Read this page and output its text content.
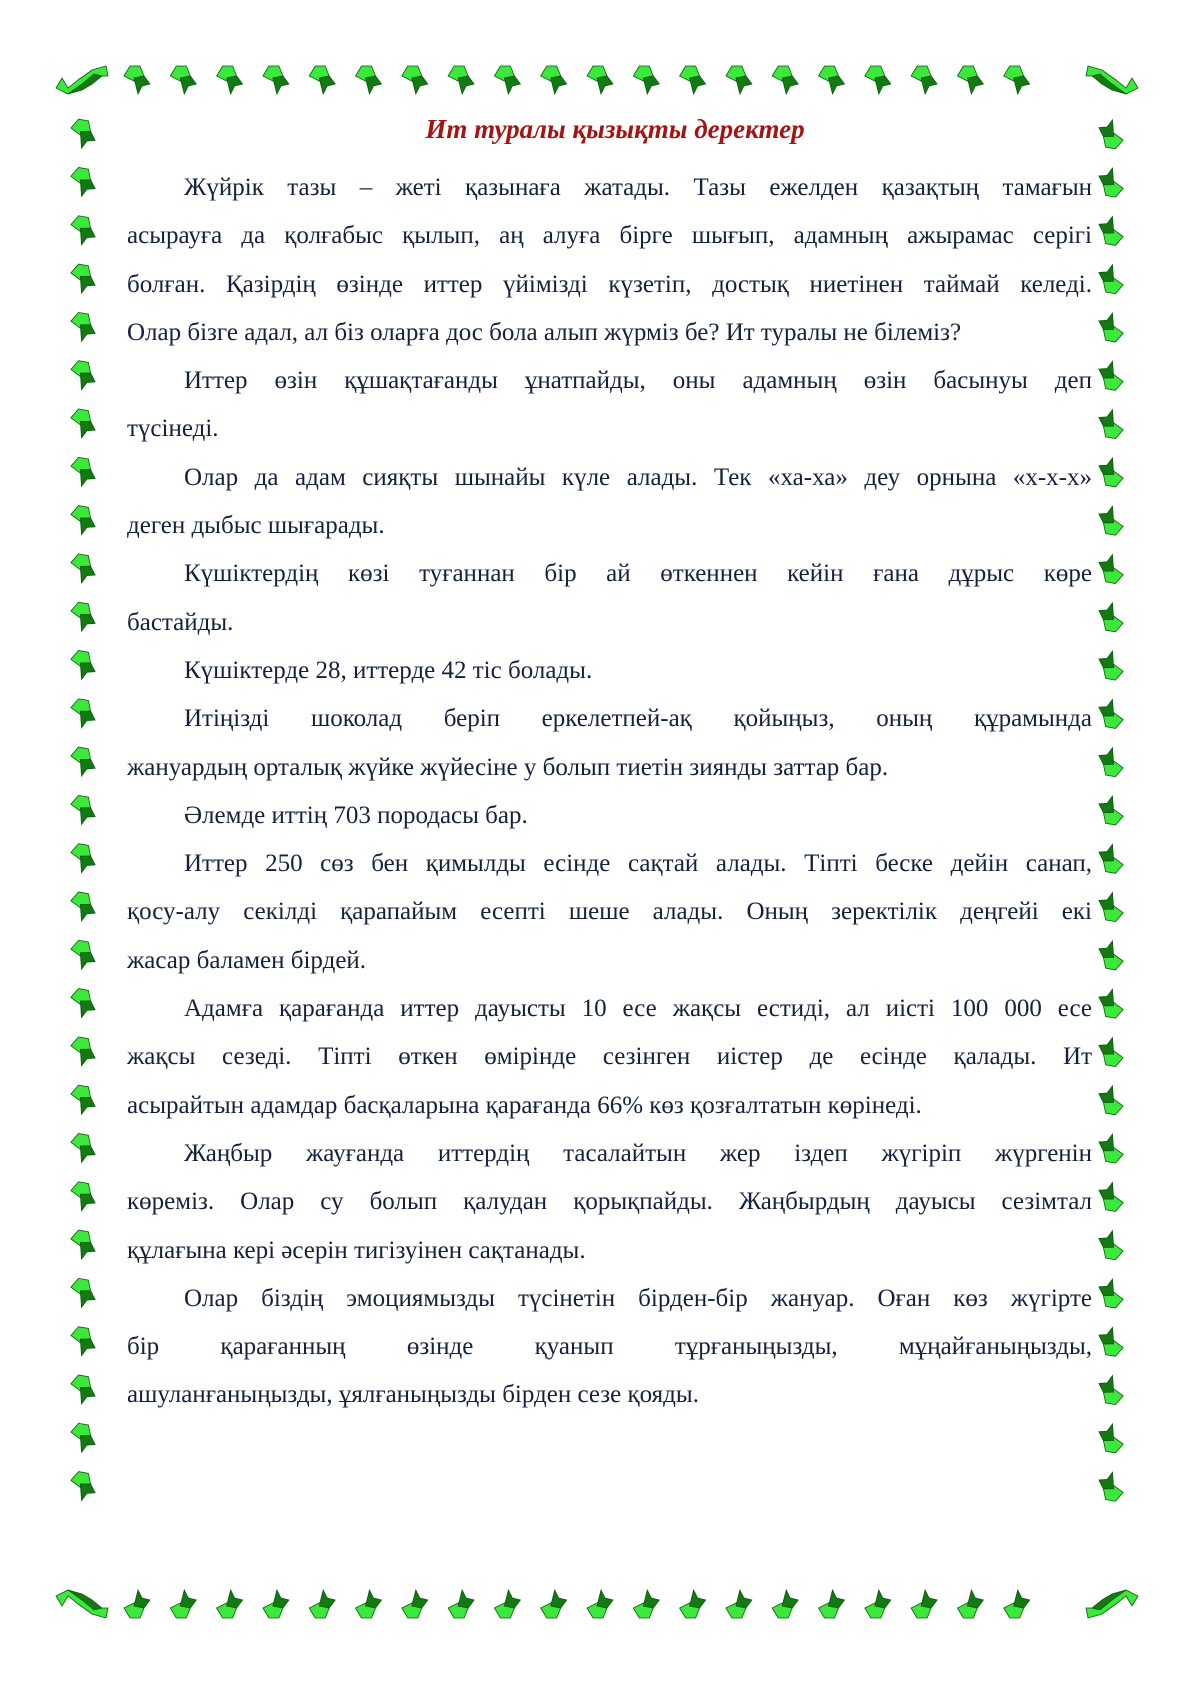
Ит туралы қызықты деректер
Жүйрік тазы – жеті қазынаға жатады. Тазы ежелден қазақтың тамағын
асырауға да қолғабыс қылып, аң алуға бірге шығып, адамның ажырамас серігі
болған. Қазірдің өзінде иттер үйімізді күзетіп, достық ниетінен таймай келеді.
Олар бізге адал, ал біз оларға дос бола алып жүрміз бе? Ит туралы не білеміз?
Иттер өзін құшақтағанды ұнатпайды, оны адамның өзін басынуы деп
түсінеді.
Олар да адам сияқты шынайы күле алады. Тек «ха-ха» деу орнына «х-х-х»
деген дыбыс шығарады.
Күшіктердің көзі туғаннан бір ай өткеннен кейін ғана дұрыс көре
бастайды.
Күшіктерде 28, иттерде 42 тіс болады.
Итіңізді шоколад беріп еркелетпей-ақ қойыңыз, оның құрамында
жануардың орталық жүйке жүйесіне у болып тиетін зиянды заттар бар.
Әлемде иттің 703 породасы бар.
Иттер 250 сөз бен қимылды есінде сақтай алады. Тіпті беске дейін санап,
қосу-алу секілді қарапайым есепті шеше алады. Оның зеректілік деңгейі екі
жасар баламен бірдей.
Адамға қарағанда иттер дауысты 10 есе жақсы естиді, ал иісті 100 000 есе
жақсы сезеді. Тіпті өткен өмірінде сезінген иістер де есінде қалады. Ит
асырайтын адамдар басқаларына қарағанда 66% көз қозғалтатын көрінеді.
Жаңбыр жауғанда иттердің тасалайтын жер іздеп жүгіріп жүргенін
көреміз. Олар су болып қалудан қорықпайды. Жаңбырдың дауысы сезімтал
құлағына кері әсерін тигізуінен сақтанады.
Олар біздің эмоциямызды түсінетін бірден-бір жануар. Оған көз жүгірте
бір қарағанның өзінде қуанып тұрғаныңызды, мұңайғаныңызды,
ашуланғаныңызды, ұялғаныңызды бірден сезе қояды.
